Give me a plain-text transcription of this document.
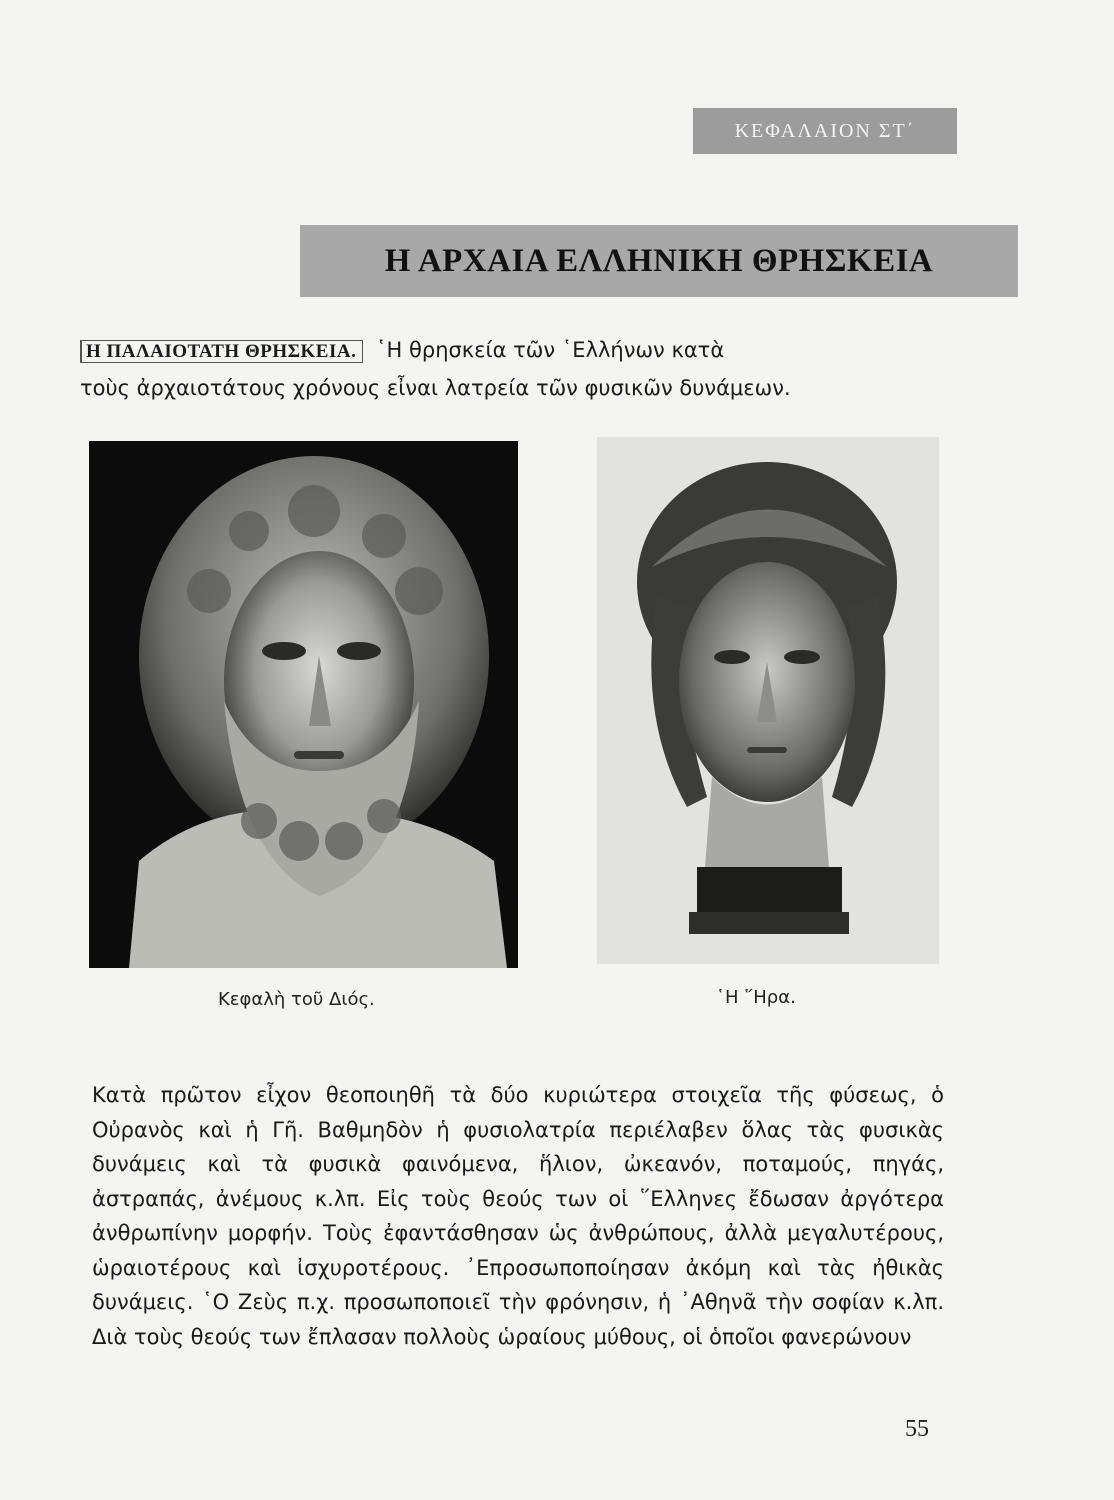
ΚΕΦΑΛΑΙΟΝ ΣΤ΄
Η ΑΡΧΑΙΑ ΕΛΛΗΝΙΚΗ ΘΡΗΣΚΕΙΑ
Η ΠΑΛΑΙΟΤΑΤΗ ΘΡΗΣΚΕΙΑ. ῾Η θρησκεία τῶν ῾Ελλήνων κατὰ
τοὺς ἀρχαιοτάτους χρόνους εἶναι λατρεία τῶν φυσικῶν δυνάμεων.
Κεφαλὴ τοῦ Διός.	῾Η ῞Ηρα.
Κατὰ πρῶτον εἶχον θεοποιηθῆ τὰ δύο κυριώτερα στοιχεῖα τῆς φύσεως, ὁ Οὐρανὸς καὶ ἡ Γῆ. Βαθμηδὸν ἡ φυσιολατρία περιέλαβεν ὅλας τὰς φυσικὰς δυνάμεις καὶ τὰ φυσικὰ φαινόμενα, ἥλιον, ὠκεανόν, ποταμούς, πηγάς, ἀστραπάς, ἀνέμους κ.λπ. Εἰς τοὺς θεούς των οἱ ῞Ελληνες ἔδωσαν ἀργότερα ἀνθρωπίνην μορφήν. Τοὺς ἐφαντάσθησαν ὡς ἀνθρώπους, ἀλλὰ μεγαλυτέρους, ὡραιοτέρους καὶ ἰσχυροτέρους. ᾿Επροσωποποίησαν ἀκόμη καὶ τὰς ἠθικὰς δυνάμεις. ῾Ο Ζεὺς π.χ. προσωποποιεῖ τὴν φρόνησιν, ἡ ᾿Αθηνᾶ τὴν σοφίαν κ.λπ. Διὰ τοὺς θεούς των ἔπλασαν πολλοὺς ὡραίους μύθους, οἱ ὁποῖοι φανερώνουν
55
